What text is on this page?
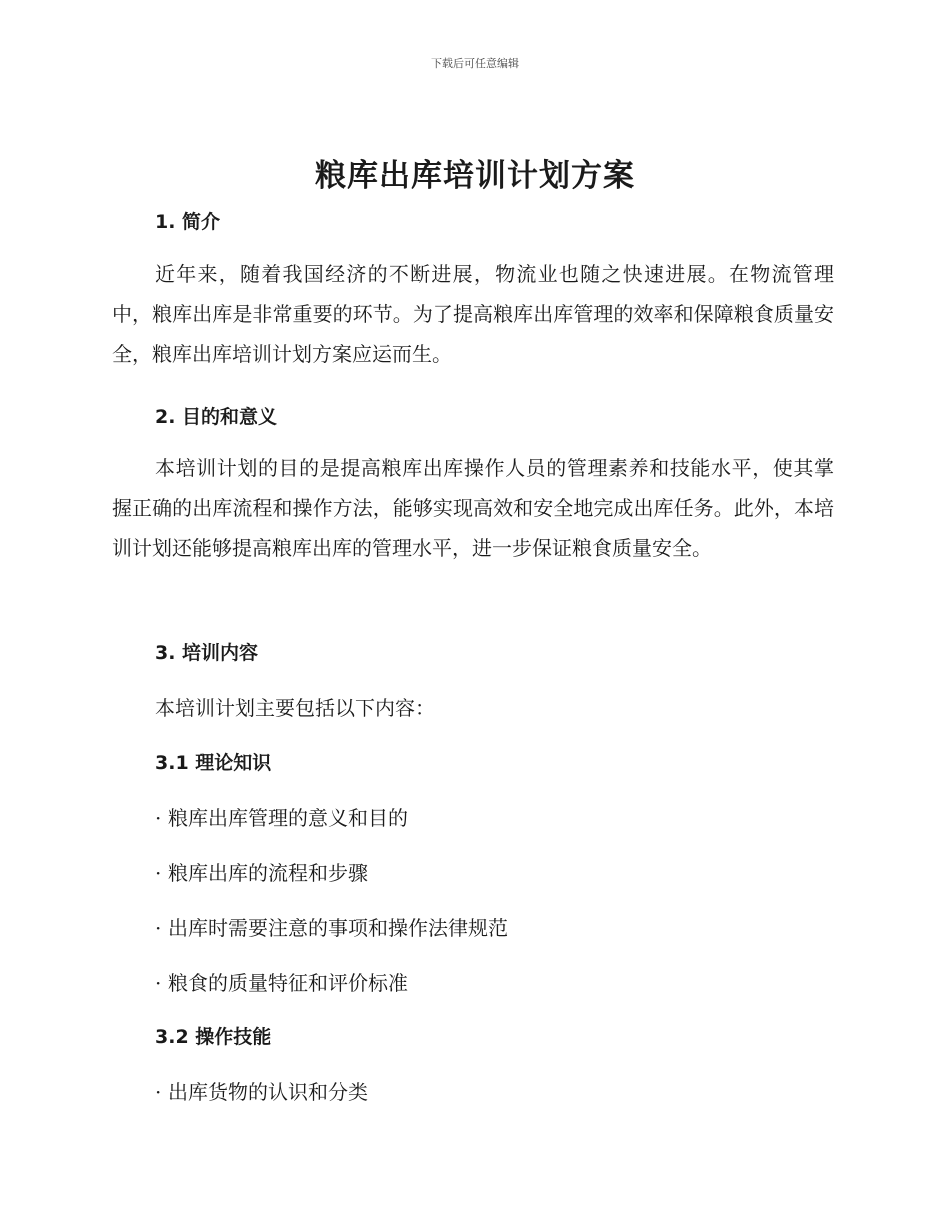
下载后可任意编辑
粮库出库培训计划方案
1. 简介

近年来，随着我国经济的不断进展，物流业也随之快速进展。在物流管理中，粮库出库是非常重要的环节。为了提高粮库出库管理的效率和保障粮食质量安全，粮库出库培训计划方案应运而生。

2. 目的和意义

本培训计划的目的是提高粮库出库操作人员的管理素养和技能水平，使其掌握正确的出库流程和操作方法，能够实现高效和安全地完成出库任务。此外，本培训计划还能够提高粮库出库的管理水平，进一步保证粮食质量安全。

3. 培训内容
本培训计划主要包括以下内容：
3.1 理论知识
· 粮库出库管理的意义和目的
· 粮库出库的流程和步骤
· 出库时需要注意的事项和操作法律规范
· 粮食的质量特征和评价标准
3.2 操作技能
· 出库货物的认识和分类
